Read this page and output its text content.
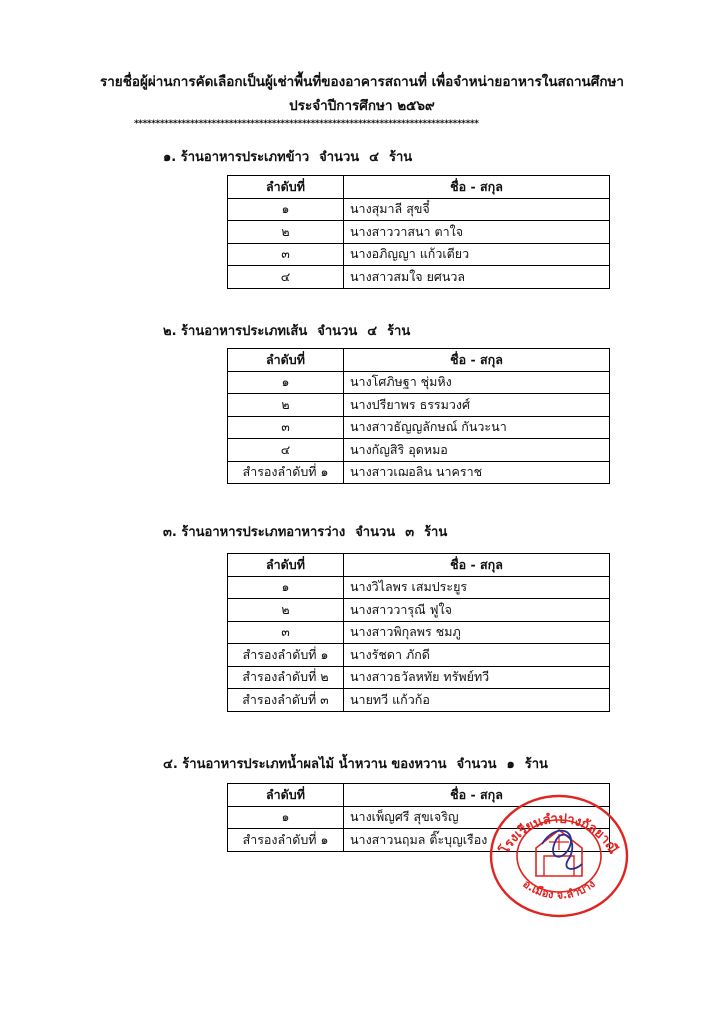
รายชื่อผู้ผ่านการคัดเลือกเป็นผู้เช่าพื้นที่ของอาคารสถานที่ เพื่อจำหน่ายอาหารในสถานศึกษา
ประจำปีการศึกษา ๒๕๖๙
********************************************************************************
๑. ร้านอาหารประเภทข้าว จำนวน ๔ ร้าน
ลำดับที่	ชื่อ - สกุล
๑	นางสุมาลี สุขจี๋
๒	นางสาววาสนา ตาใจ
๓	นางอภิญญา แก้วเตียว
๔	นางสาวสมใจ ยศนวล
๒. ร้านอาหารประเภทเส้น จำนวน ๔ ร้าน
ลำดับที่	ชื่อ - สกุล
๑	นางโศภิษฐา ชุ่มหิง
๒	นางปรียาพร ธรรมวงศ์
๓	นางสาวธัญญลักษณ์ กันวะนา
๔	นางกัญสิริ อุดหมอ
สำรองลำดับที่ ๑	นางสาวเฌอลิน นาคราช
๓. ร้านอาหารประเภทอาหารว่าง จำนวน ๓ ร้าน
ลำดับที่	ชื่อ - สกุล
๑	นางวิไลพร เสมประยูร
๒	นางสาววารุณี ฟูใจ
๓	นางสาวพิกุลพร ชมภู
สำรองลำดับที่ ๑	นางรัชดา ภักดี
สำรองลำดับที่ ๒	นางสาวธวัลหทัย ทรัพย์ทวี
สำรองลำดับที่ ๓	นายทวี แก้วก้อ
๔. ร้านอาหารประเภทน้ำผลไม้ น้ำหวาน ของหวาน จำนวน ๑ ร้าน
ลำดับที่	ชื่อ - สกุล
๑	นางเพ็ญศรี สุขเจริญ
สำรองลำดับที่ ๑	นางสาวนฤมล ติ๊ะบุญเรือง
โรงเรียนลำปางกัลยาณี
อ.เมือง จ.ลำปาง
